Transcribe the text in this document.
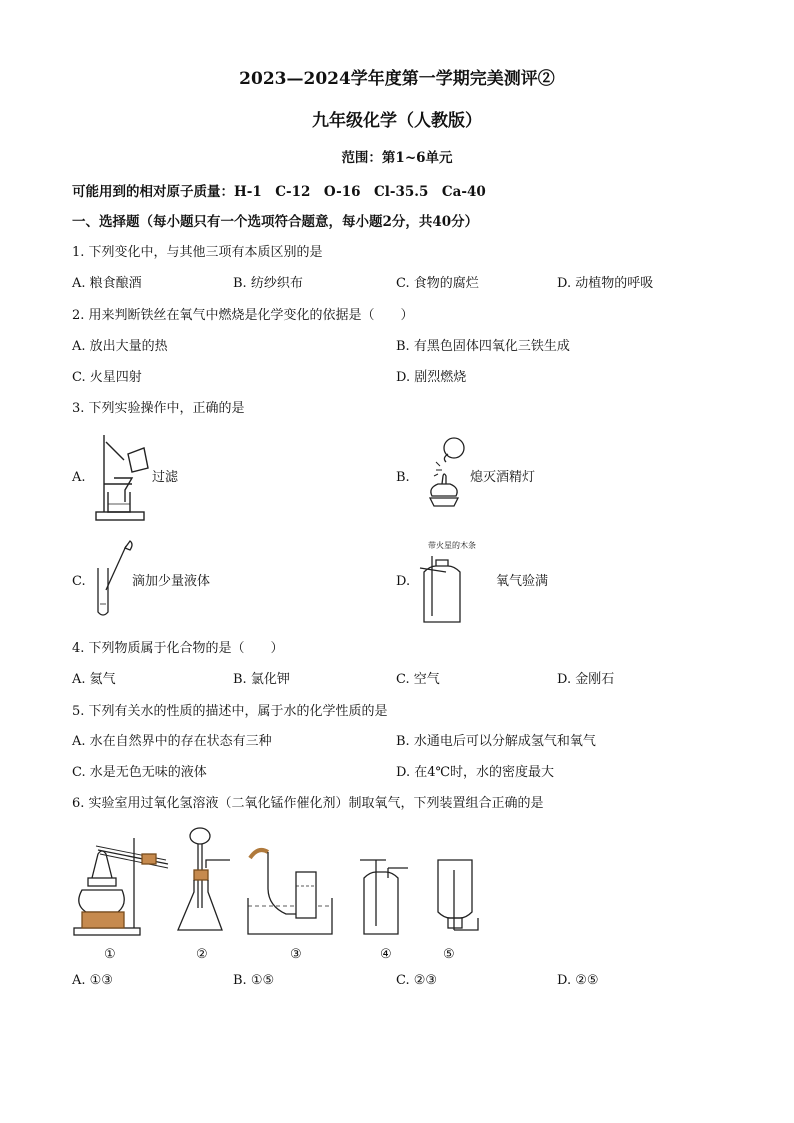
2023—2024学年度第一学期完美测评②
九年级化学（人教版）
范围：第1~6单元
可能用到的相对原子质量：H-1　C-12　O-16　Cl-35.5　Ca-40
一、选择题（每小题只有一个选项符合题意，每小题2分，共40分）
1. 下列变化中，与其他三项有本质区别的是
A. 粮食酿酒	B. 纺纱织布	C. 食物的腐烂	D. 动植物的呼吸
2. 用来判断铁丝在氧气中燃烧是化学变化的依据是（　　）
A. 放出大量的热	B. 有黑色固体四氧化三铁生成
C. 火星四射	D. 剧烈燃烧
3. 下列实验操作中，正确的是
A.	过滤	B.	熄灭酒精灯
C.	滴加少量液体	D.
带火星的木条
氧气验满
4. 下列物质属于化合物的是（　　）
A. 氦气	B. 氯化钾	C. 空气	D. 金刚石
5. 下列有关水的性质的描述中，属于水的化学性质的是
A. 水在自然界中的存在状态有三种	B. 水通电后可以分解成氢气和氧气
C. 水是无色无味的液体	D. 在4℃时，水的密度最大
6. 实验室用过氧化氢溶液（二氧化锰作催化剂）制取氧气，下列装置组合正确的是
①	②	③	④	⑤
A. ①③	B. ①⑤	C. ②③	D. ②⑤
